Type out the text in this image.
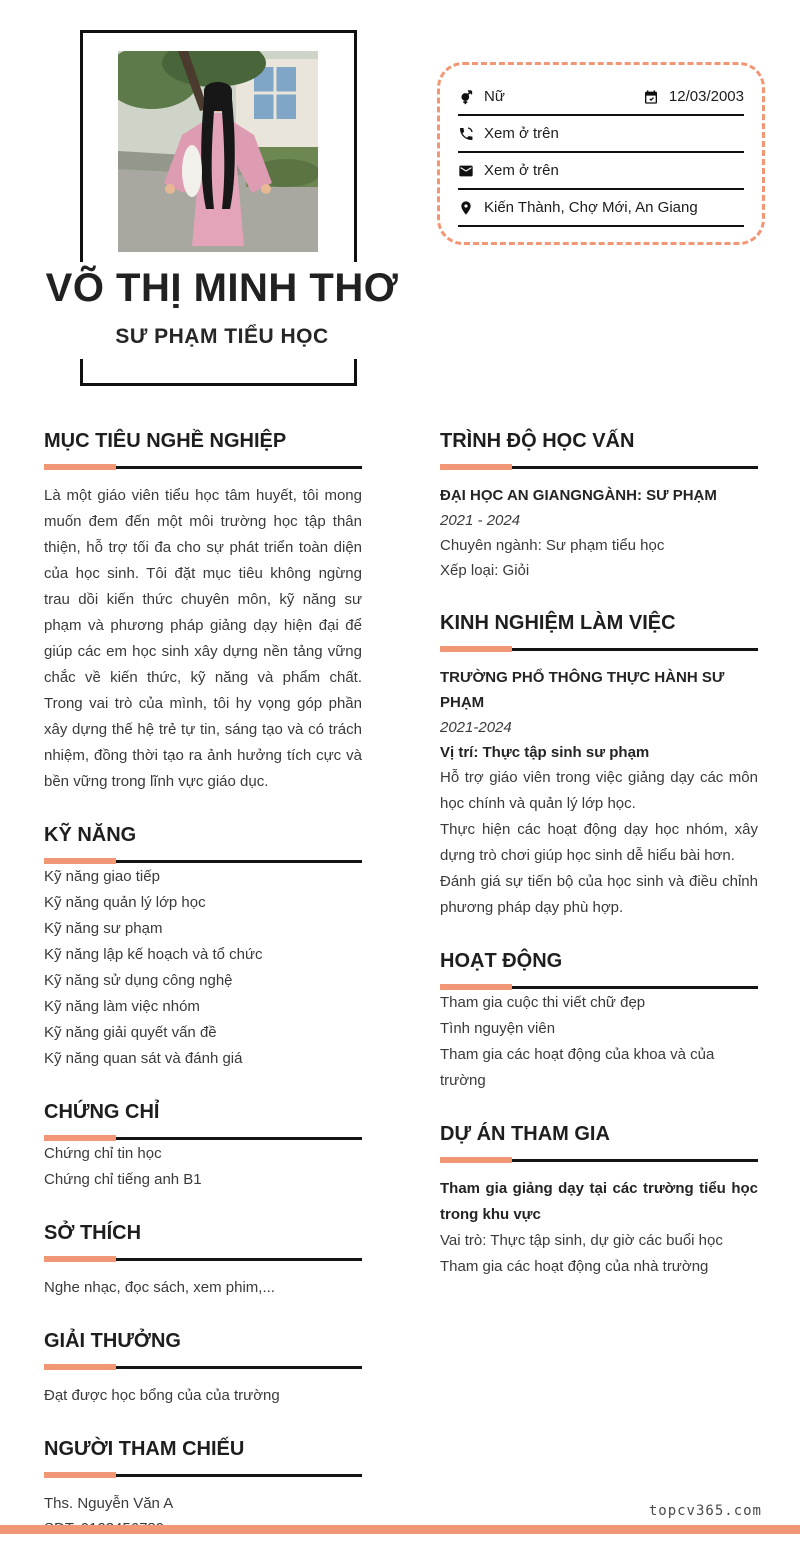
VÕ THỊ MINH THƠ
SƯ PHẠM TIỂU HỌC
Nữ	12/03/2003
Xem ở trên
Xem ở trên
Kiến Thành, Chợ Mới, An Giang
MỤC TIÊU NGHỀ NGHIỆP
Là một giáo viên tiểu học tâm huyết, tôi mong muốn đem đến một môi trường học tập thân thiện, hỗ trợ tối đa cho sự phát triển toàn diện của học sinh. Tôi đặt mục tiêu không ngừng trau dồi kiến thức chuyên môn, kỹ năng sư phạm và phương pháp giảng dạy hiện đại để giúp các em học sinh xây dựng nền tảng vững chắc về kiến thức, kỹ năng và phẩm chất. Trong vai trò của mình, tôi hy vọng góp phần xây dựng thế hệ trẻ tự tin, sáng tạo và có trách nhiệm, đồng thời tạo ra ảnh hưởng tích cực và bền vững trong lĩnh vực giáo dục.
KỸ NĂNG
Kỹ năng giao tiếp
Kỹ năng quản lý lớp học
Kỹ năng sư phạm
Kỹ năng lập kế hoạch và tổ chức
Kỹ năng sử dụng công nghệ
Kỹ năng làm việc nhóm
Kỹ năng giải quyết vấn đề
Kỹ năng quan sát và đánh giá
CHỨNG CHỈ
Chứng chỉ tin học
Chứng chỉ tiếng anh B1
SỞ THÍCH
Nghe nhạc, đọc sách, xem phim,...
GIẢI THƯỞNG
Đạt được học bổng của của trường
NGƯỜI THAM CHIẾU
Ths. Nguyễn Văn A
TRÌNH ĐỘ HỌC VẤN
ĐẠI HỌC AN GIANGNGÀNH: SƯ PHẠM
2021 - 2024
Chuyên ngành: Sư phạm tiểu học
Xếp loại: Giỏi
KINH NGHIỆM LÀM VIỆC
TRƯỜNG PHỔ THÔNG THỰC HÀNH SƯ PHẠM
2021-2024
Vị trí: Thực tập sinh sư phạm

Hỗ trợ giáo viên trong việc giảng dạy các môn học chính và quản lý lớp học.

Thực hiện các hoạt động dạy học nhóm, xây dựng trò chơi giúp học sinh dễ hiểu bài hơn.

Đánh giá sự tiến bộ của học sinh và điều chỉnh phương pháp dạy phù hợp.

HOẠT ĐỘNG
Tham gia cuộc thi viết chữ đẹp
Tình nguyện viên
Tham gia các hoạt động của khoa và của trường
DỰ ÁN THAM GIA

Tham gia giảng dạy tại các trường tiểu học trong khu vực

Vai trò: Thực tập sinh, dự giờ các buổi học

Tham gia các hoạt động của nhà trường

topcv365.com
